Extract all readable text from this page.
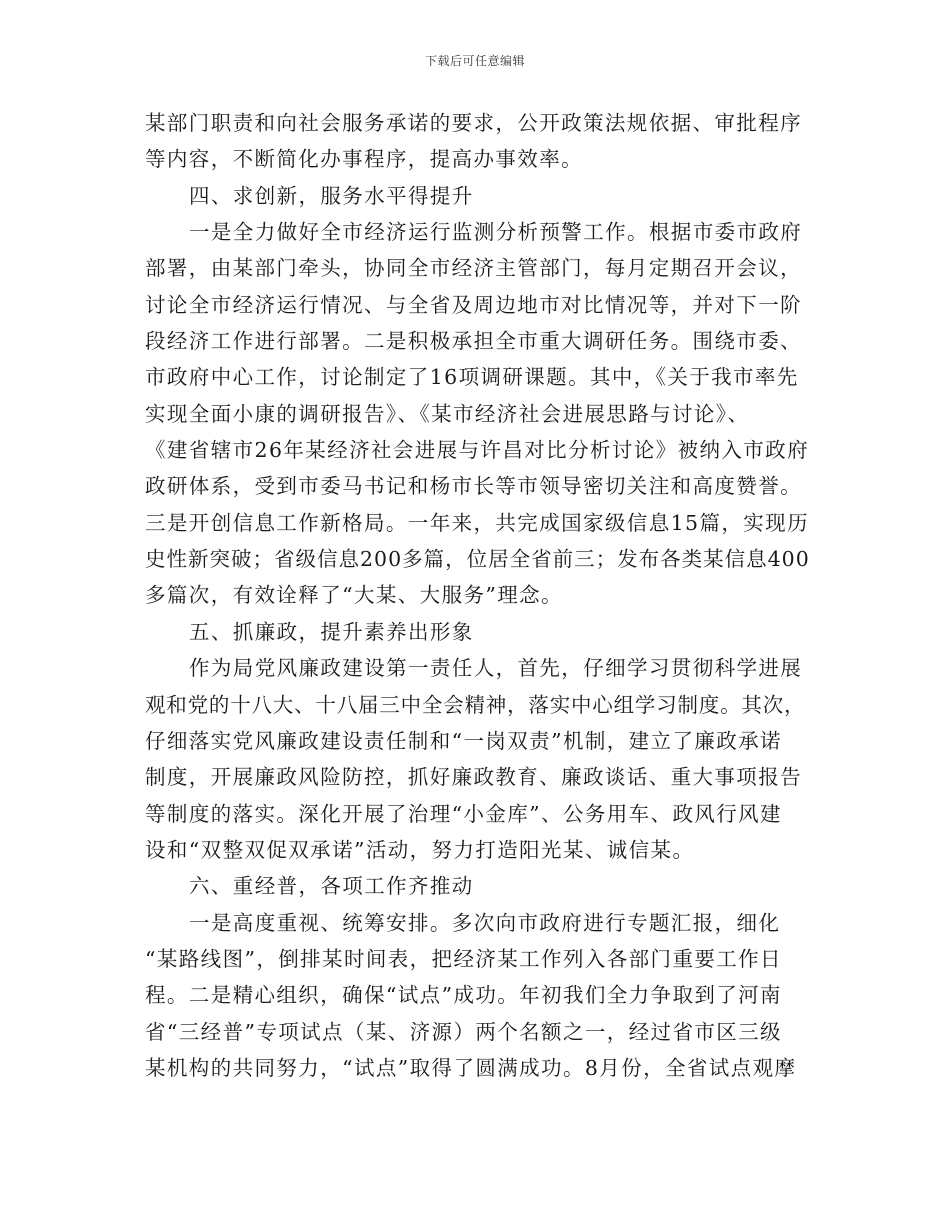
下载后可任意编辑
某部门职责和向社会服务承诺的要求，公开政策法规依据、审批程序
等内容，不断简化办事程序，提高办事效率。
四、求创新，服务水平得提升
一是全力做好全市经济运行监测分析预警工作。根据市委市政府
部署，由某部门牵头，协同全市经济主管部门，每月定期召开会议，
讨论全市经济运行情况、与全省及周边地市对比情况等，并对下一阶
段经济工作进行部署。二是积极承担全市重大调研任务。围绕市委、
市政府中心工作，讨论制定了16项调研课题。其中，《关于我市率先
实现全面小康的调研报告》、《某市经济社会进展思路与讨论》、
《建省辖市26年某经济社会进展与许昌对比分析讨论》被纳入市政府
政研体系，受到市委马书记和杨市长等市领导密切关注和高度赞誉。
三是开创信息工作新格局。一年来，共完成国家级信息15篇，实现历
史性新突破；省级信息200多篇，位居全省前三；发布各类某信息400
多篇次，有效诠释了“大某、大服务”理念。
五、抓廉政，提升素养出形象
作为局党风廉政建设第一责任人，首先，仔细学习贯彻科学进展
观和党的十八大、十八届三中全会精神，落实中心组学习制度。其次，
仔细落实党风廉政建设责任制和“一岗双责”机制，建立了廉政承诺
制度，开展廉政风险防控，抓好廉政教育、廉政谈话、重大事项报告
等制度的落实。深化开展了治理“小金库”、公务用车、政风行风建
设和“双整双促双承诺”活动，努力打造阳光某、诚信某。
六、重经普，各项工作齐推动
一是高度重视、统筹安排。多次向市政府进行专题汇报，细化
“某路线图”，倒排某时间表，把经济某工作列入各部门重要工作日
程。二是精心组织，确保“试点”成功。年初我们全力争取到了河南
省“三经普”专项试点（某、济源）两个名额之一，经过省市区三级
某机构的共同努力，“试点”取得了圆满成功。8月份，全省试点观摩
